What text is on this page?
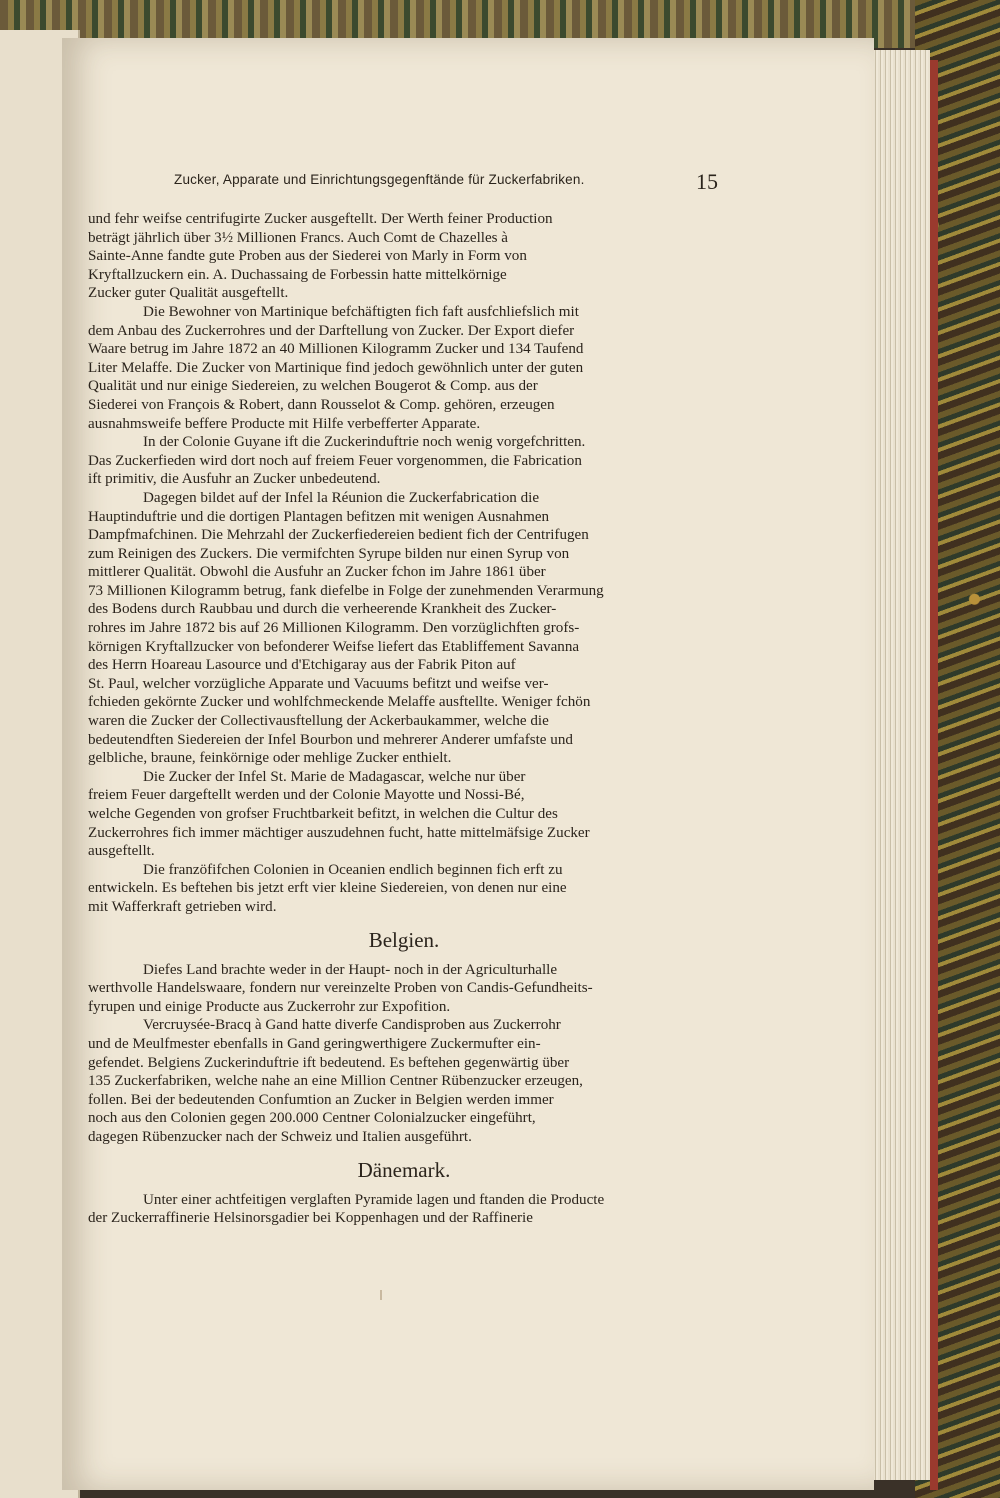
Zucker, Apparate und Einrichtungsgegenftände für Zuckerfabriken.	15
und fehr weifse centrifugirte Zucker ausgeftellt. Der Werth feiner Production
beträgt jährlich über 3½ Millionen Francs. Auch Comt de Chazelles à
Sainte-Anne fandte gute Proben aus der Siederei von Marly in Form von
Kryftallzuckern ein. A. Duchassaing de Forbessin hatte mittelkörnige
Zucker guter Qualität ausgeftellt.
Die Bewohner von Martinique befchäftigten fich faft ausfchliefslich mit
dem Anbau des Zuckerrohres und der Darftellung von Zucker. Der Export diefer
Waare betrug im Jahre 1872 an 40 Millionen Kilogramm Zucker und 134 Taufend
Liter Melaffe. Die Zucker von Martinique find jedoch gewöhnlich unter der guten
Qualität und nur einige Siedereien, zu welchen Bougerot & Comp. aus der
Siederei von François & Robert, dann Rousselot & Comp. gehören, erzeugen
ausnahmsweife beffere Producte mit Hilfe verbefferter Apparate.
In der Colonie Guyane ift die Zuckerinduftrie noch wenig vorgefchritten.
Das Zuckerfieden wird dort noch auf freiem Feuer vorgenommen, die Fabrication
ift primitiv, die Ausfuhr an Zucker unbedeutend.
Dagegen bildet auf der Infel la Réunion die Zuckerfabrication die
Hauptinduftrie und die dortigen Plantagen befitzen mit wenigen Ausnahmen
Dampfmafchinen. Die Mehrzahl der Zuckerfiedereien bedient fich der Centrifugen
zum Reinigen des Zuckers. Die vermifchten Syrupe bilden nur einen Syrup von
mittlerer Qualität. Obwohl die Ausfuhr an Zucker fchon im Jahre 1861 über
73 Millionen Kilogramm betrug, fank diefelbe in Folge der zunehmenden Verarmung
des Bodens durch Raubbau und durch die verheerende Krankheit des Zucker-
rohres im Jahre 1872 bis auf 26 Millionen Kilogramm. Den vorzüglichften grofs-
körnigen Kryftallzucker von befonderer Weifse liefert das Etabliffement Savanna
des Herrn Hoareau Lasource und d'Etchigaray aus der Fabrik Piton auf
St. Paul, welcher vorzügliche Apparate und Vacuums befitzt und weifse ver-
fchieden gekörnte Zucker und wohlfchmeckende Melaffe ausftellte. Weniger fchön
waren die Zucker der Collectivausftellung der Ackerbaukammer, welche die
bedeutendften Siedereien der Infel Bourbon und mehrerer Anderer umfafste und
gelbliche, braune, feinkörnige oder mehlige Zucker enthielt.
Die Zucker der Infel St. Marie de Madagascar, welche nur über
freiem Feuer dargeftellt werden und der Colonie Mayotte und Nossi-Bé,
welche Gegenden von grofser Fruchtbarkeit befitzt, in welchen die Cultur des
Zuckerrohres fich immer mächtiger auszudehnen fucht, hatte mittelmäfsige Zucker
ausgeftellt.
Die franzöfifchen Colonien in Oceanien endlich beginnen fich erft zu
entwickeln. Es beftehen bis jetzt erft vier kleine Siedereien, von denen nur eine
mit Wafferkraft getrieben wird.
Belgien.
Diefes Land brachte weder in der Haupt- noch in der Agriculturhalle
werthvolle Handelswaare, fondern nur vereinzelte Proben von Candis-Gefundheits-
fyrupen und einige Producte aus Zuckerrohr zur Expofition.
Vercruysée-Bracq à Gand hatte diverfe Candisproben aus Zuckerrohr
und de Meulfmester ebenfalls in Gand geringwerthigere Zuckermufter ein-
gefendet. Belgiens Zuckerinduftrie ift bedeutend. Es beftehen gegenwärtig über
135 Zuckerfabriken, welche nahe an eine Million Centner Rübenzucker erzeugen,
follen. Bei der bedeutenden Confumtion an Zucker in Belgien werden immer
noch aus den Colonien gegen 200.000 Centner Colonialzucker eingeführt,
dagegen Rübenzucker nach der Schweiz und Italien ausgeführt.
Dänemark.
Unter einer achtfeitigen verglaften Pyramide lagen und ftanden die Producte
der Zuckerraffinerie Helsinorsgadier bei Koppenhagen und der Raffinerie
